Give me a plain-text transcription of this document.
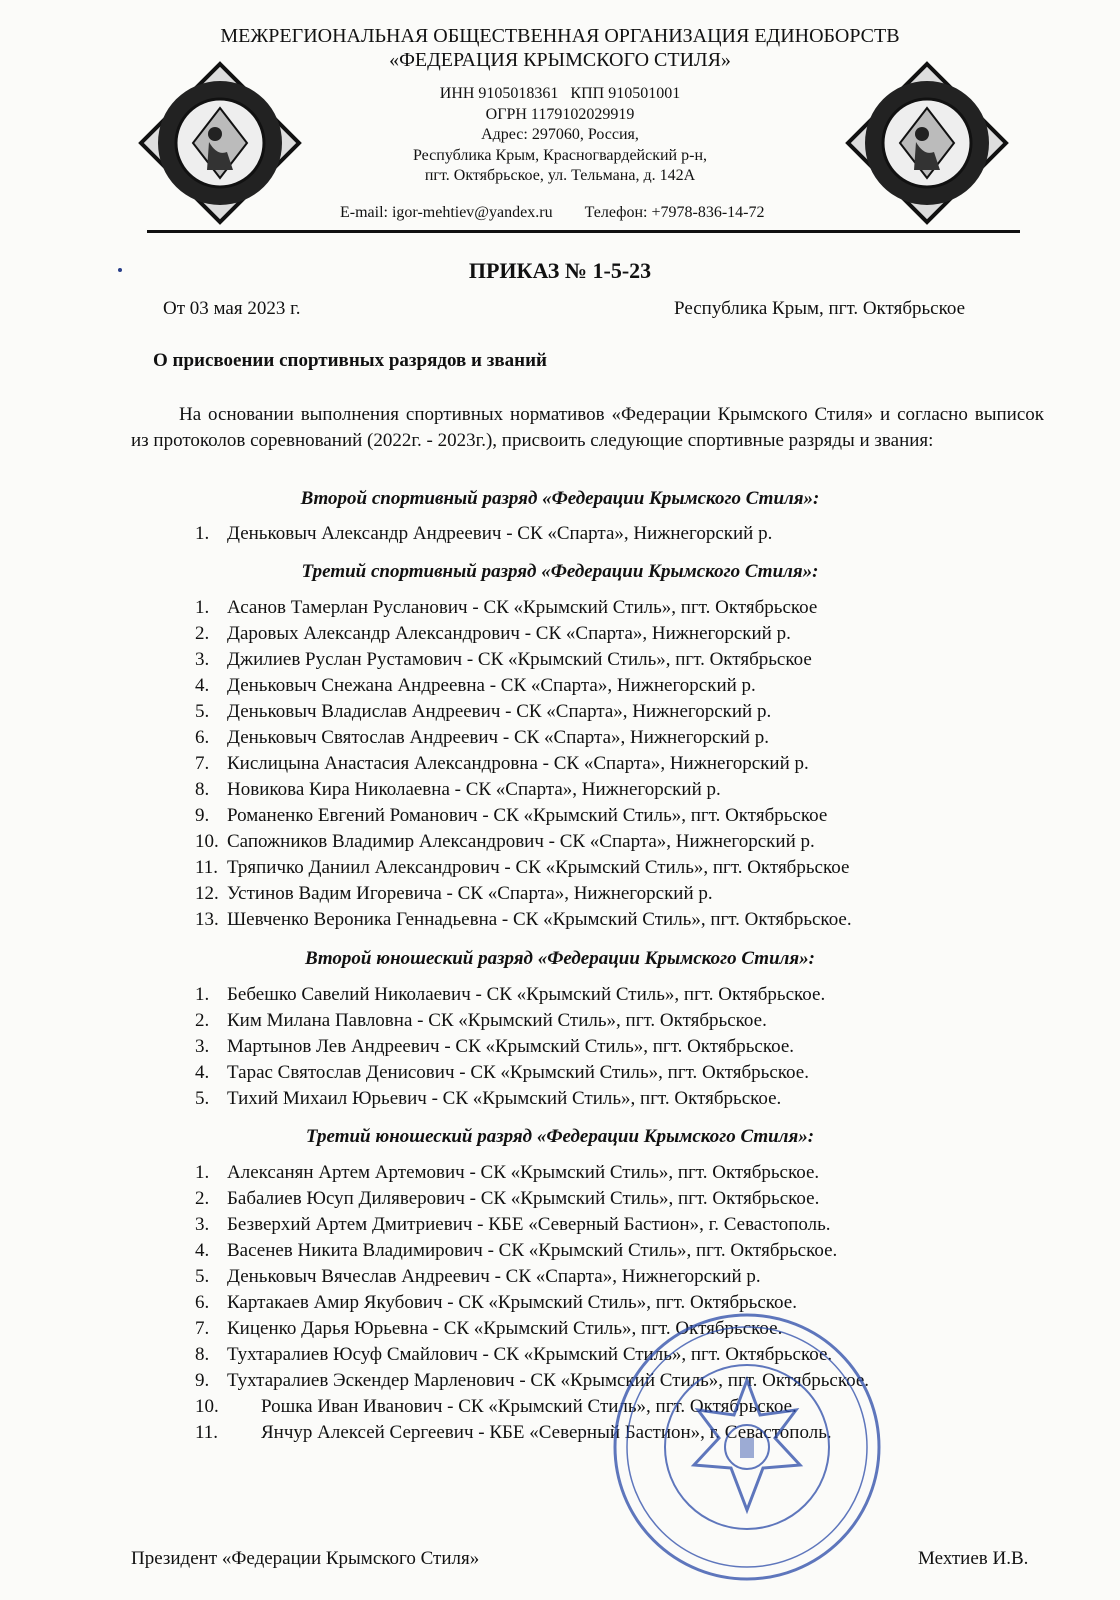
МЕЖРЕГИОНАЛЬНАЯ ОБЩЕСТВЕННАЯ ОРГАНИЗАЦИЯ ЕДИНОБОРСТВ
«ФЕДЕРАЦИЯ КРЫМСКОГО СТИЛЯ»
ИНН 9105018361   КПП 910501001
ОГРН 1179102029919
Адрес: 297060, Россия,
Республика Крым, Красногвардейский р-н,
пгт. Октябрьское, ул. Тельмана, д. 142А
E-mail: igor-mehtiev@yandex.ru Телефон: +7978-836-14-72
ПРИКАЗ № 1-5-23
От 03 мая 2023 г.	Республика Крым, пгт. Октябрьское
О присвоении спортивных разрядов и званий

На основании выполнения спортивных нормативов «Федерации Крымского Стиля» и согласно выписок из протоколов соревнований (2022г. - 2023г.), присвоить следующие спортивные разряды и звания:

Второй спортивный разряд «Федерации Крымского Стиля»:
1. Деньковыч Александр Андреевич - СК «Спарта», Нижнегорский р.
Третий спортивный разряд «Федерации Крымского Стиля»:
1. Асанов Тамерлан Русланович - СК «Крымский Стиль», пгт. Октябрьское
2. Даровых Александр Александрович - СК «Спарта», Нижнегорский р.
3. Джилиев Руслан Рустамович - СК «Крымский Стиль», пгт. Октябрьское
4. Деньковыч Снежана Андреевна - СК «Спарта», Нижнегорский р.
5. Деньковыч Владислав Андреевич - СК «Спарта», Нижнегорский р.
6. Деньковыч Святослав Андреевич - СК «Спарта», Нижнегорский р.
7. Кислицына Анастасия Александровна - СК «Спарта», Нижнегорский р.
8. Новикова Кира Николаевна - СК «Спарта», Нижнегорский р.
9. Романенко Евгений Романович - СК «Крымский Стиль», пгт. Октябрьское
10. Сапожников Владимир Александрович - СК «Спарта», Нижнегорский р.
11. Тряпичко Даниил Александрович - СК «Крымский Стиль», пгт. Октябрьское
12. Устинов Вадим Игоревича - СК «Спарта», Нижнегорский р.
13. Шевченко Вероника Геннадьевна - СК «Крымский Стиль», пгт. Октябрьское.
Второй юношеский разряд «Федерации Крымского Стиля»:
1. Бебешко Савелий Николаевич - СК «Крымский Стиль», пгт. Октябрьское.
2. Ким Милана Павловна - СК «Крымский Стиль», пгт. Октябрьское.
3. Мартынов Лев Андреевич - СК «Крымский Стиль», пгт. Октябрьское.
4. Тарас Святослав Денисович - СК «Крымский Стиль», пгт. Октябрьское.
5. Тихий Михаил Юрьевич - СК «Крымский Стиль», пгт. Октябрьское.
Третий юношеский разряд «Федерации Крымского Стиля»:
1. Алексанян Артем Артемович - СК «Крымский Стиль», пгт. Октябрьское.
2. Бабалиев Юсуп Диляверович - СК «Крымский Стиль», пгт. Октябрьское.
3. Безверхий Артем Дмитриевич - КБЕ «Северный Бастион», г. Севастополь.
4. Васенев Никита Владимирович - СК «Крымский Стиль», пгт. Октябрьское.
5. Деньковыч Вячеслав Андреевич - СК «Спарта», Нижнегорский р.
6. Картакаев Амир Якубович - СК «Крымский Стиль», пгт. Октябрьское.
7. Киценко Дарья Юрьевна - СК «Крымский Стиль», пгт. Октябрьское.
8. Тухтаралиев Юсуф Смайлович - СК «Крымский Стиль», пгт. Октябрьское.
9. Тухтаралиев Эскендер Марленович - СК «Крымский Стиль», пгт. Октябрьское.
10.	Рошка Иван Иванович - СК «Крымский Стиль», пгт. Октябрьское.
11.	Янчур Алексей Сергеевич - КБЕ «Северный Бастион», г. Севастополь.
Президент «Федерации Крымского Стиля»	Мехтиев И.В.
